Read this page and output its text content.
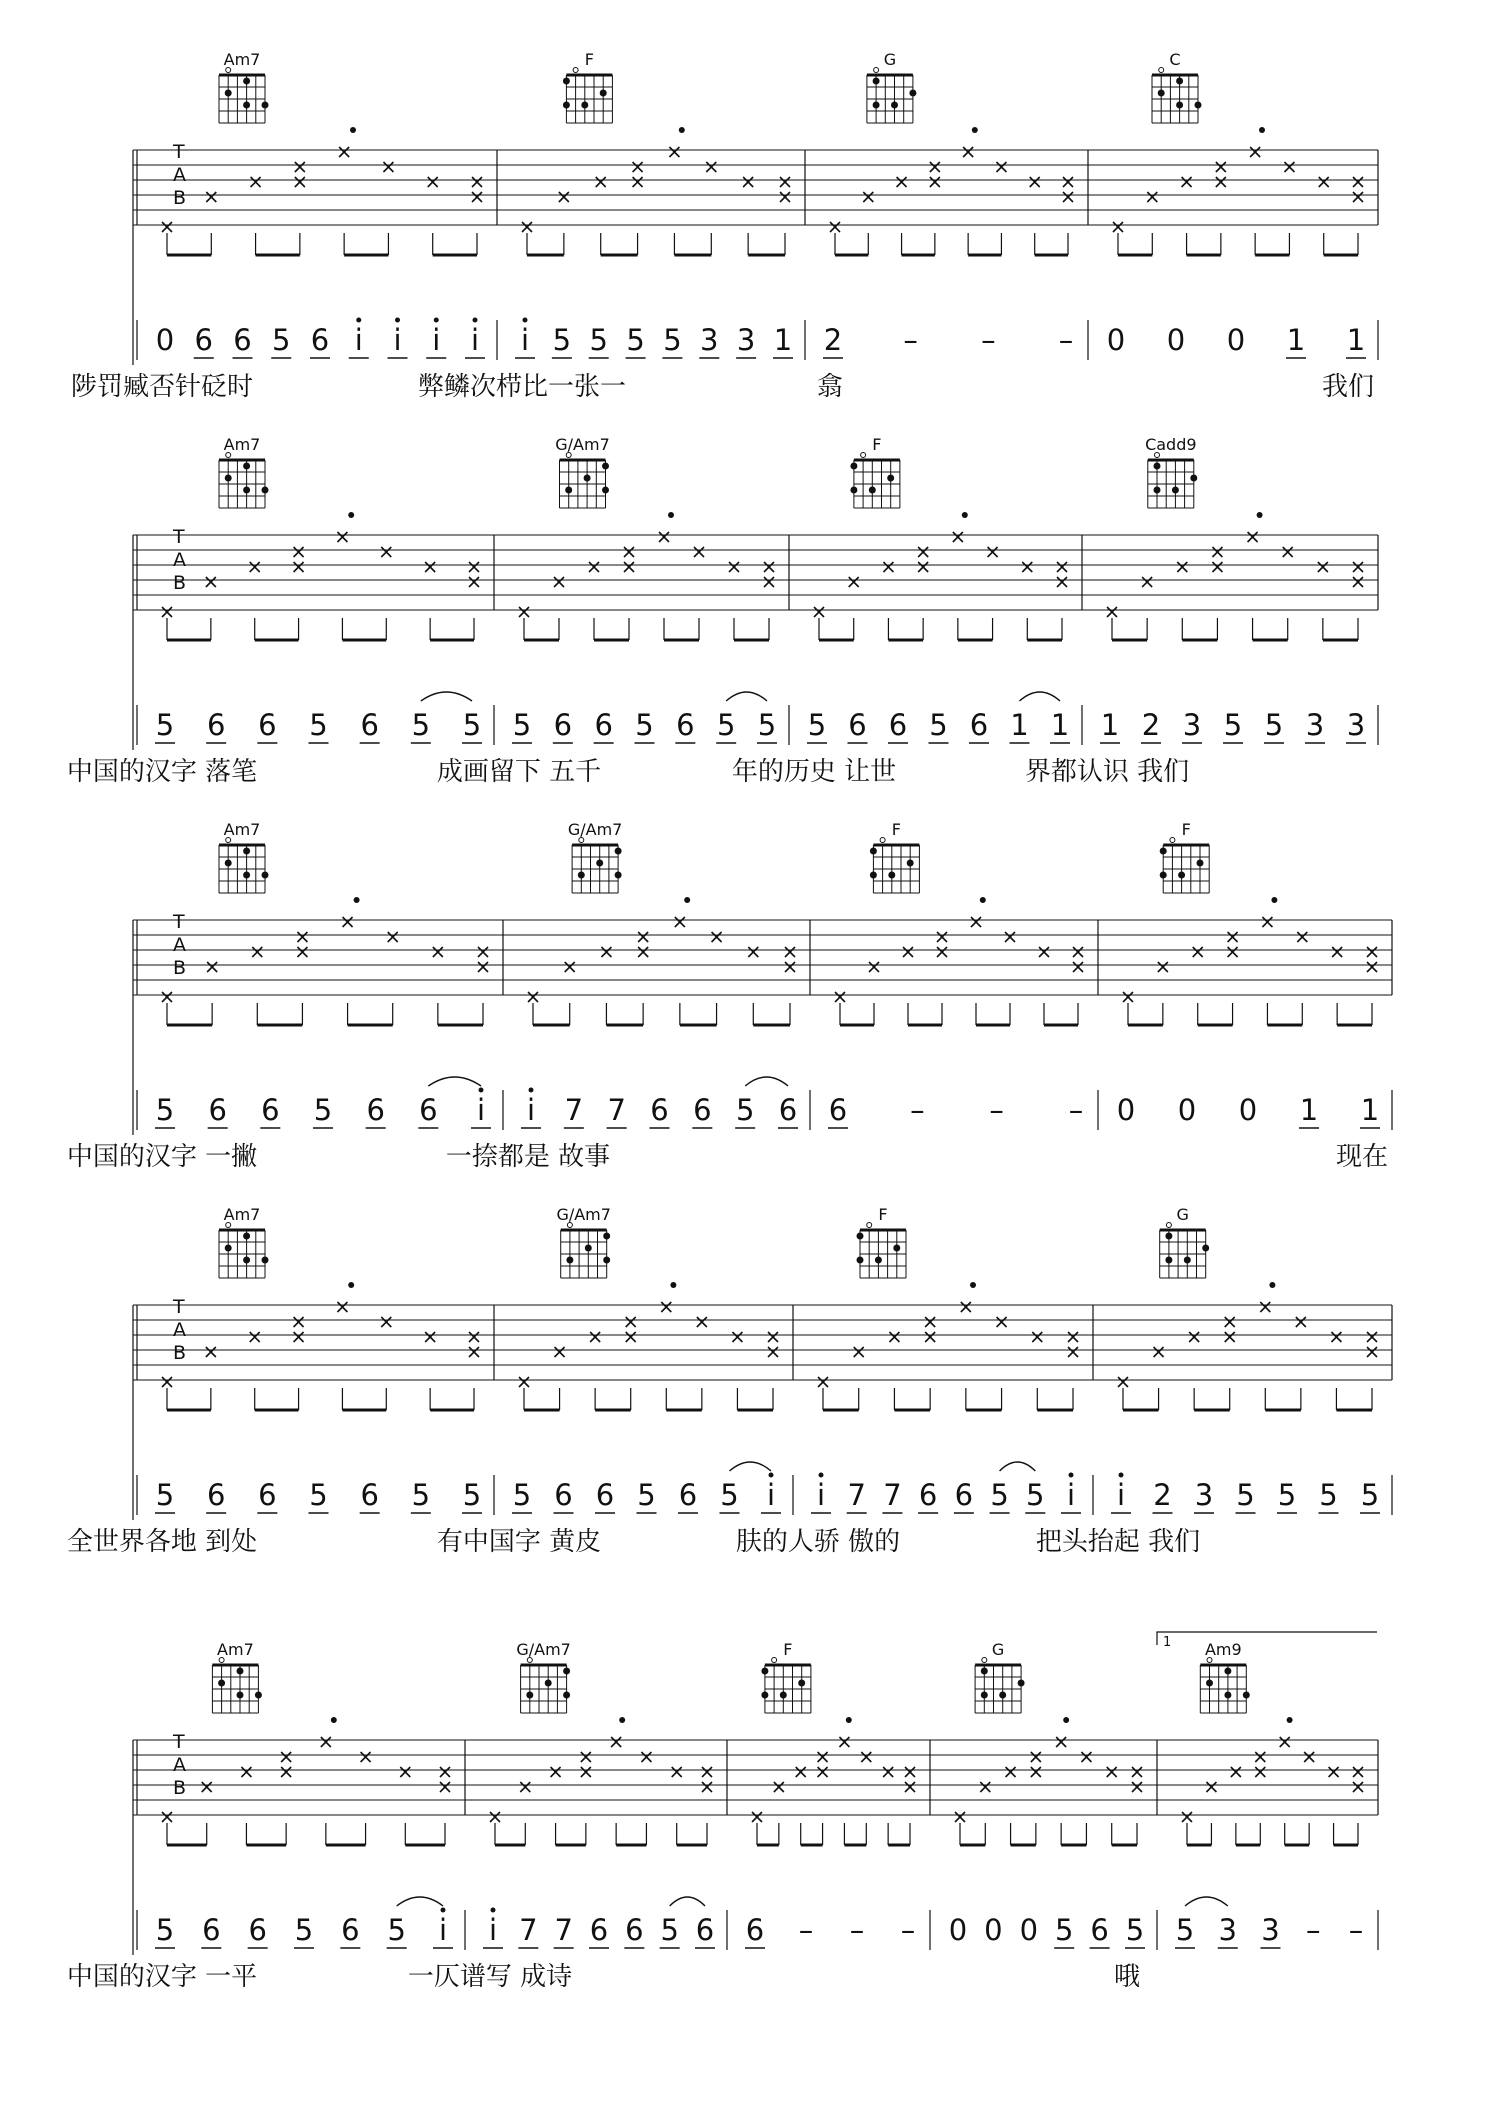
T
A
B
Am7
0 6 6 5 6 i i i i
陟罚臧否针砭时
F
i 5 5 5 5 3 3 1
弊鳞次栉比一张一
G
2 – – –
翕
C
0 0 0 1 1
我们
T
A
B
Am7
5 6 6 5 6 5 5
中国的汉字 落笔
G/Am7
5 6 6 5 6 5 5
成画留下 五千
F
5 6 6 5 6 1 1
年的历史 让世
Cadd9
1 2 3 5 5 3 3
界都认识 我们
T
A
B
Am7
5 6 6 5 6 6 i
中国的汉字 一撇
G/Am7
i 7 7 6 6 5 6
一捺都是 故事
F
6 – – –
F
0 0 0 1 1
现在
T
A
B
Am7
5 6 6 5 6 5 5
全世界各地 到处
G/Am7
5 6 6 5 6 5 i
有中国字 黄皮
F
i 7 7 6 6 5 5 i
肤的人骄 傲的
G
i 2 3 5 5 5 5
把头抬起 我们
T
A
B
Am7
5 6 6 5 6 5 i
中国的汉字 一平
G/Am7
i 7 7 6 6 5 6
一仄谱写 成诗
F
6 – – –
G
0 0 0 5 6 5
哦
Am9
5 3 3 – –
1
